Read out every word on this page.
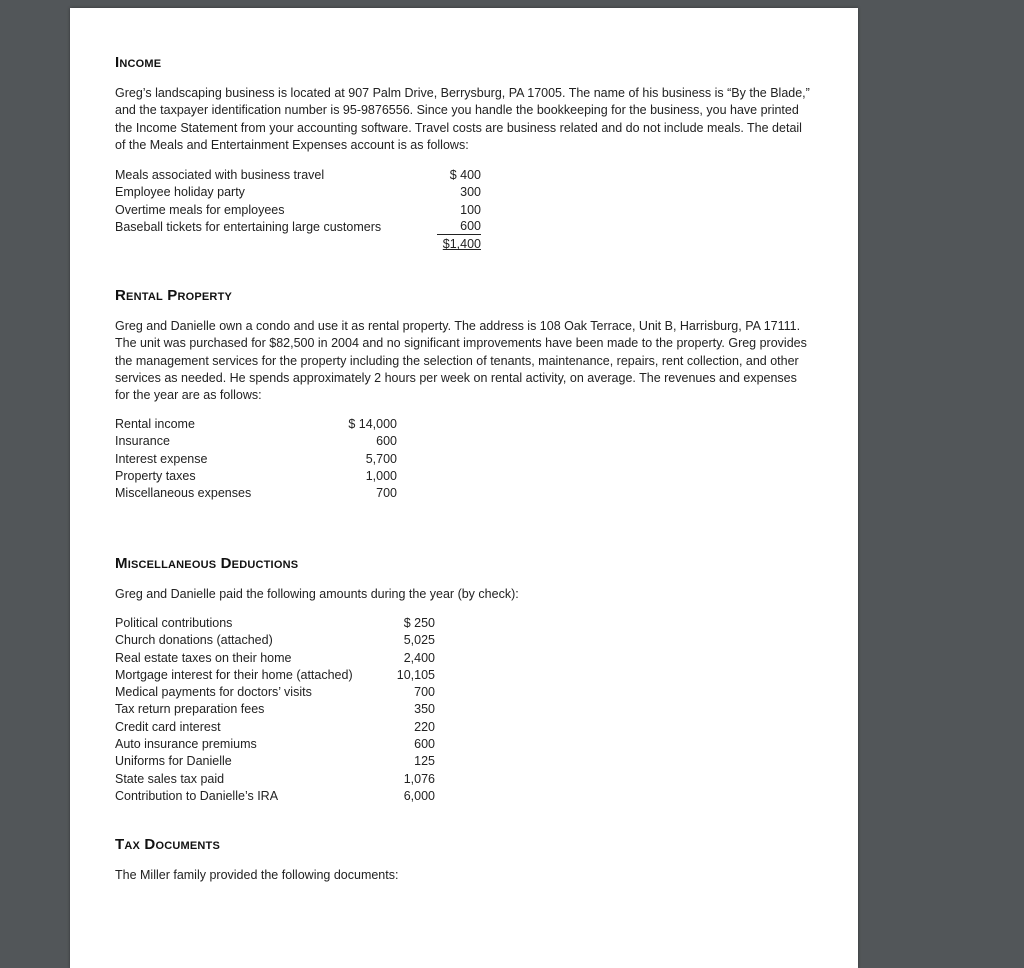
Income
Greg’s landscaping business is located at 907 Palm Drive, Berrysburg, PA 17005. The name of his business is “By the Blade,” and the taxpayer identification number is 95-9876556. Since you handle the bookkeeping for the business, you have printed the Income Statement from your accounting software. Travel costs are business related and do not include meals. The detail of the Meals and Entertainment Expenses account is as follows:
Meals associated with business travel	$ 400
Employee holiday party	300
Overtime meals for employees	100
Baseball tickets for entertaining large customers	600
$1,400
Rental Property
Greg and Danielle own a condo and use it as rental property. The address is 108 Oak Terrace, Unit B, Harrisburg, PA 17111. The unit was purchased for $82,500 in 2004 and no significant improvements have been made to the property. Greg provides the management services for the property including the selection of tenants, maintenance, repairs, rent collection, and other services as needed. He spends approximately 2 hours per week on rental activity, on average. The revenues and expenses for the year are as follows:
Rental income	$ 14,000
Insurance	600
Interest expense	5,700
Property taxes	1,000
Miscellaneous expenses	700
Miscellaneous Deductions
Greg and Danielle paid the following amounts during the year (by check):
Political contributions	$ 250
Church donations (attached)	5,025
Real estate taxes on their home	2,400
Mortgage interest for their home (attached)	10,105
Medical payments for doctors’ visits	700
Tax return preparation fees	350
Credit card interest	220
Auto insurance premiums	600
Uniforms for Danielle	125
State sales tax paid	1,076
Contribution to Danielle’s IRA	6,000
Tax Documents
The Miller family provided the following documents:
